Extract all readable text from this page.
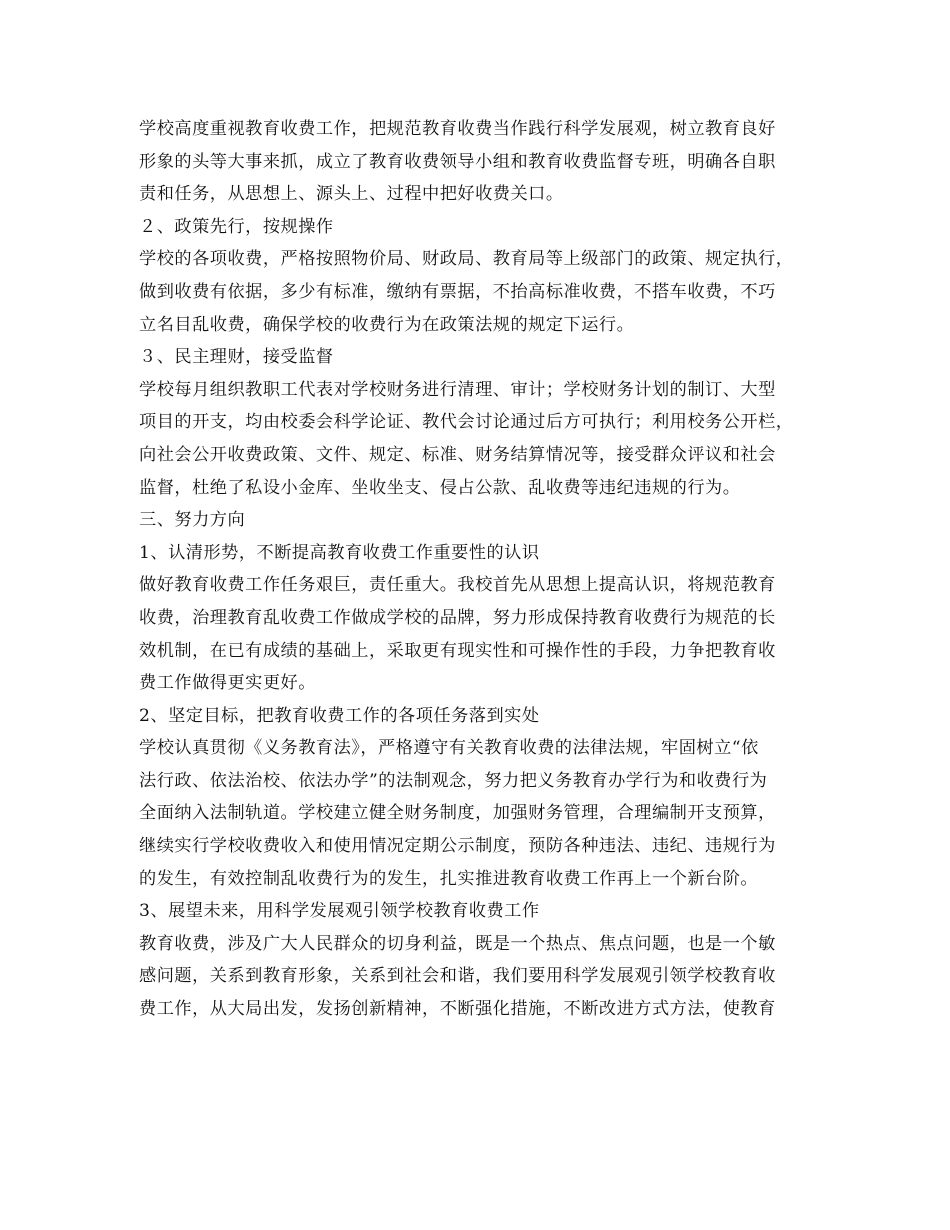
学校高度重视教育收费工作，把规范教育收费当作践行科学发展观，树立教育良好

形象的头等大事来抓，成立了教育收费领导小组和教育收费监督专班，明确各自职

责和任务，从思想上、源头上、过程中把好收费关口。

２、政策先行，按规操作

学校的各项收费，严格按照物价局、财政局、教育局等上级部门的政策、规定执行，

做到收费有依据，多少有标准，缴纳有票据，不抬高标准收费，不搭车收费，不巧

立名目乱收费，确保学校的收费行为在政策法规的规定下运行。

３、民主理财，接受监督

学校每月组织教职工代表对学校财务进行清理、审计；学校财务计划的制订、大型

项目的开支，均由校委会科学论证、教代会讨论通过后方可执行；利用校务公开栏，

向社会公开收费政策、文件、规定、标准、财务结算情况等，接受群众评议和社会

监督，杜绝了私设小金库、坐收坐支、侵占公款、乱收费等违纪违规的行为。

三、努力方向

1、认清形势，不断提高教育收费工作重要性的认识

做好教育收费工作任务艰巨，责任重大。我校首先从思想上提高认识，将规范教育

收费，治理教育乱收费工作做成学校的品牌，努力形成保持教育收费行为规范的长

效机制，在已有成绩的基础上，采取更有现实性和可操作性的手段，力争把教育收

费工作做得更实更好。

2、坚定目标，把教育收费工作的各项任务落到实处

学校认真贯彻《义务教育法》，严格遵守有关教育收费的法律法规，牢固树立“依

法行政、依法治校、依法办学”的法制观念，努力把义务教育办学行为和收费行为

全面纳入法制轨道。学校建立健全财务制度，加强财务管理，合理编制开支预算，

继续实行学校收费收入和使用情况定期公示制度，预防各种违法、违纪、违规行为

的发生，有效控制乱收费行为的发生，扎实推进教育收费工作再上一个新台阶。

3、展望未来，用科学发展观引领学校教育收费工作

教育收费，涉及广大人民群众的切身利益，既是一个热点、焦点问题，也是一个敏

感问题，关系到教育形象，关系到社会和谐，我们要用科学发展观引领学校教育收

费工作，从大局出发，发扬创新精神，不断强化措施，不断改进方式方法，使教育
